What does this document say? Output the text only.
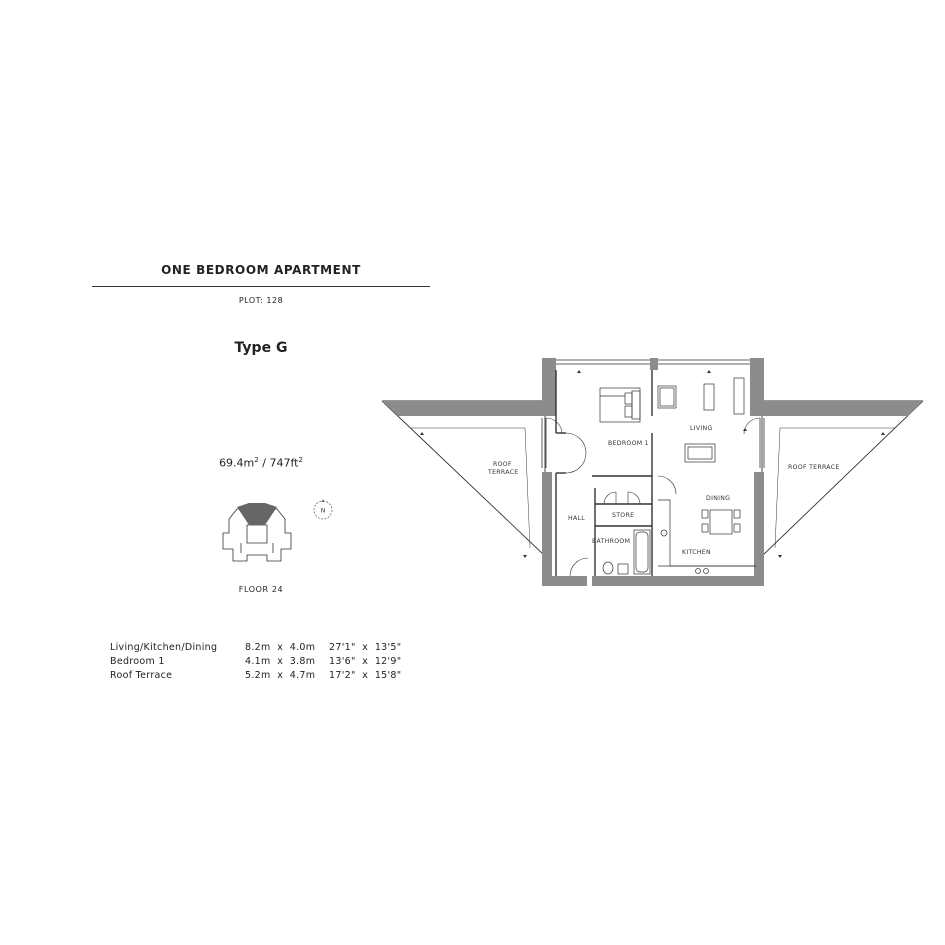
ONE BEDROOM APARTMENT
PLOT: 128
Type G
$69.4m^2 / 747ft^2$
N
FLOOR 24
Living/Kitchen/Dining	8.2m  x  4.0m	27'1"  x  13'5"
Bedroom 1	4.1m  x  3.8m	13'6"  x  12'9"
Roof Terrace	5.2m  x  4.7m	17'2"  x  15'8"
BEDROOM 1
LIVING
DINING
KITCHEN
HALL	STORE
BATHROOM
ROOF
TERRACE
ROOF TERRACE
